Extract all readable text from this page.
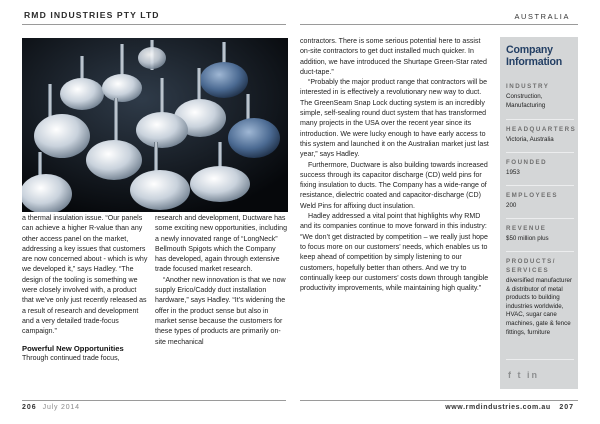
RMD INDUSTRIES PTY LTD	AUSTRALIA

a thermal insulation issue. “Our panels can achieve a higher R-value than any other access panel on the market, addressing a key issues that customers are now concerned about - which is why we developed it,” says Hadley. “The design of the tooling is something we were closely involved with, a product that we’ve only just recently released as a result of research and development and a very detailed trade-focus campaign.”

Powerful New Opportunities

Through continued trade focus,

research and development, Ductware has some exciting new opportunities, including a newly innovated range of “LongNeck” Bellmouth Spigots which the Company has developed, again through extensive trade focused market research.

“Another new innovation is that we now supply Erico/Caddy duct installation hardware,” says Hadley. “It’s widening the offer in the product sense but also in market sense because the customers for these types of products are primarily on-site mechanical

contractors. There is some serious potential here to assist on-site contractors to get duct installed much quicker. In addition, we have introduced the Shurtape Green-Star rated duct-tape.”

“Probably the major product range that contractors will be interested in is effectively a revolutionary new way to duct. The GreenSeam Snap Lock ducting system is an incredibly simple, self-sealing round duct system that has transformed many projects in the USA over the recent year since its introduction. We were lucky enough to have early access to this system and launched it on the Australian market just last year,” says Hadley.

Furthermore, Ductware is also building towards increased success through its capacitor discharge (CD) weld pins for fixing insulation to ducts. The Company has a wide-range of resistance, dielectric coated and capacitor-discharge (CD) Weld Pins for affixing duct insulation.

Hadley addressed a vital point that highlights why RMD and its companies continue to move forward in this industry: “We don’t get distracted by competition – we really just hope to focus more on our customers’ needs, which enables us to keep ahead of competition by simply listening to our customers, hopefully better than others. And we try to continually keep our customers’ costs down through tangible productivity improvements, while maintaining high quality.”

Company
Information
INDUSTRY
Construction, Manufacturing
HEADQUARTERS
Victoria, Australia
FOUNDED
1953
EMPLOYEES
200
REVENUE
$50 million plus
PRODUCTS/
SERVICES
diversified manufacturer & distributor of metal products to building industries worldwide, HVAC, sugar cane machines, gate & fence fittings, furniture
f t in
206 July 2014	www.rmdindustries.com.au 207
